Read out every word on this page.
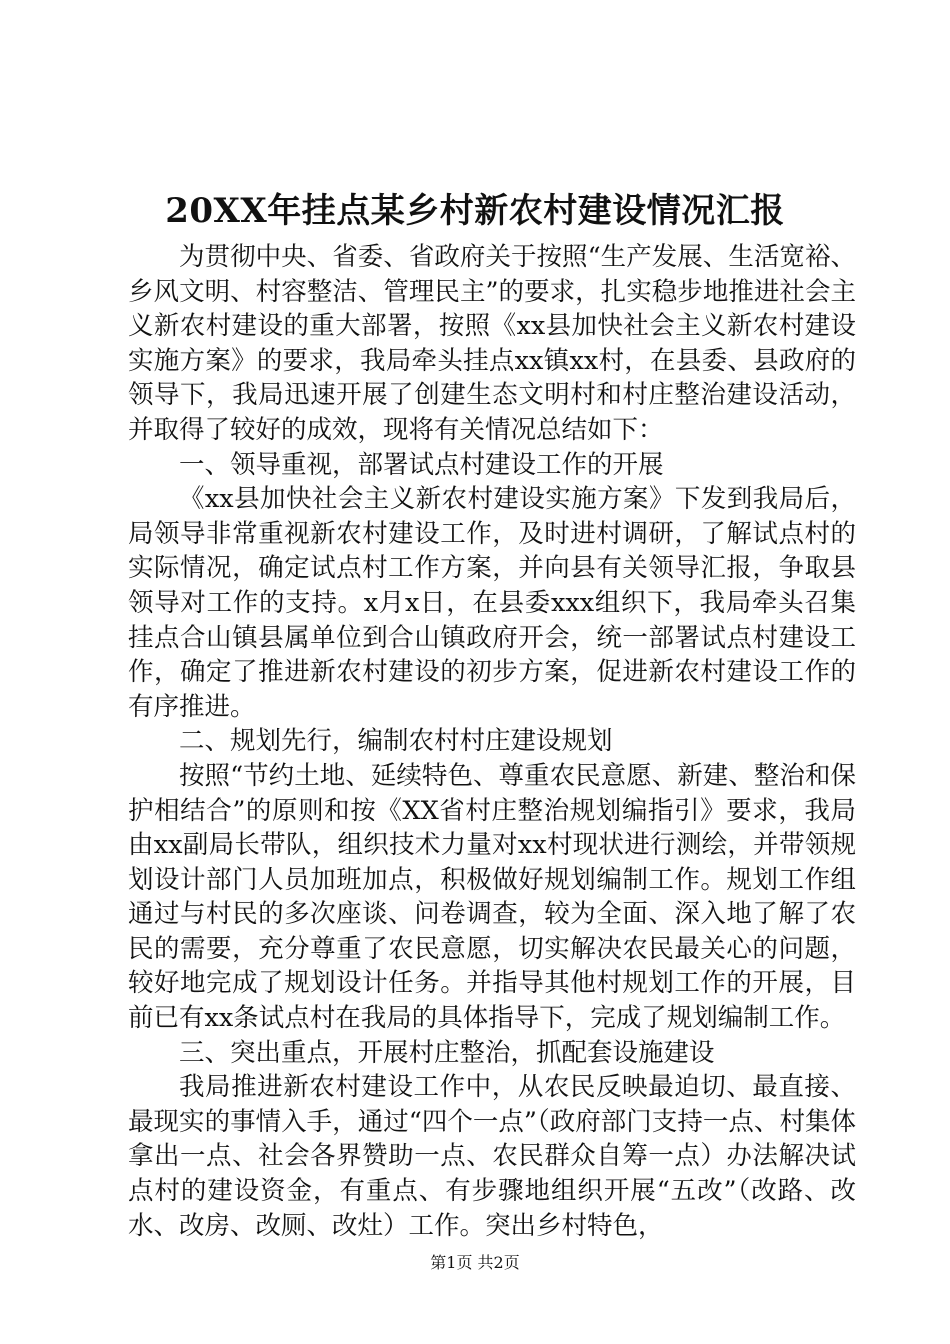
20XX年挂点某乡村新农村建设情况汇报

为贯彻中央、省委、省政府关于按照“生产发展、生活宽裕、乡风文明、村容整洁、管理民主”的要求，扎实稳步地推进社会主义新农村建设的重大部署，按照《xx县加快社会主义新农村建设实施方案》的要求，我局牵头挂点xx镇xx村，在县委、县政府的领导下，我局迅速开展了创建生态文明村和村庄整治建设活动，并取得了较好的成效，现将有关情况总结如下：

一、领导重视，部署试点村建设工作的开展

《xx县加快社会主义新农村建设实施方案》下发到我局后，局领导非常重视新农村建设工作，及时进村调研，了解试点村的实际情况，确定试点村工作方案，并向县有关领导汇报，争取县领导对工作的支持。x月x日，在县委xxx组织下，我局牵头召集挂点合山镇县属单位到合山镇政府开会，统一部署试点村建设工作，确定了推进新农村建设的初步方案，促进新农村建设工作的有序推进。

二、规划先行，编制农村村庄建设规划

按照“节约土地、延续特色、尊重农民意愿、新建、整治和保护相结合”的原则和按《XX省村庄整治规划编指引》要求，我局由xx副局长带队，组织技术力量对xx村现状进行测绘，并带领规划设计部门人员加班加点，积极做好规划编制工作。规划工作组通过与村民的多次座谈、问卷调查，较为全面、深入地了解了农民的需要，充分尊重了农民意愿，切实解决农民最关心的问题，较好地完成了规划设计任务。并指导其他村规划工作的开展，目前已有xx条试点村在我局的具体指导下，完成了规划编制工作。

三、突出重点，开展村庄整治，抓配套设施建设

我局推进新农村建设工作中，从农民反映最迫切、最直接、最现实的事情入手，通过“四个一点”（政府部门支持一点、村集体拿出一点、社会各界赞助一点、农民群众自筹一点）办法解决试点村的建设资金，有重点、有步骤地组织开展“五改”（改路、改水、改房、改厕、改灶）工作。突出乡村特色，

第1页 共2页
